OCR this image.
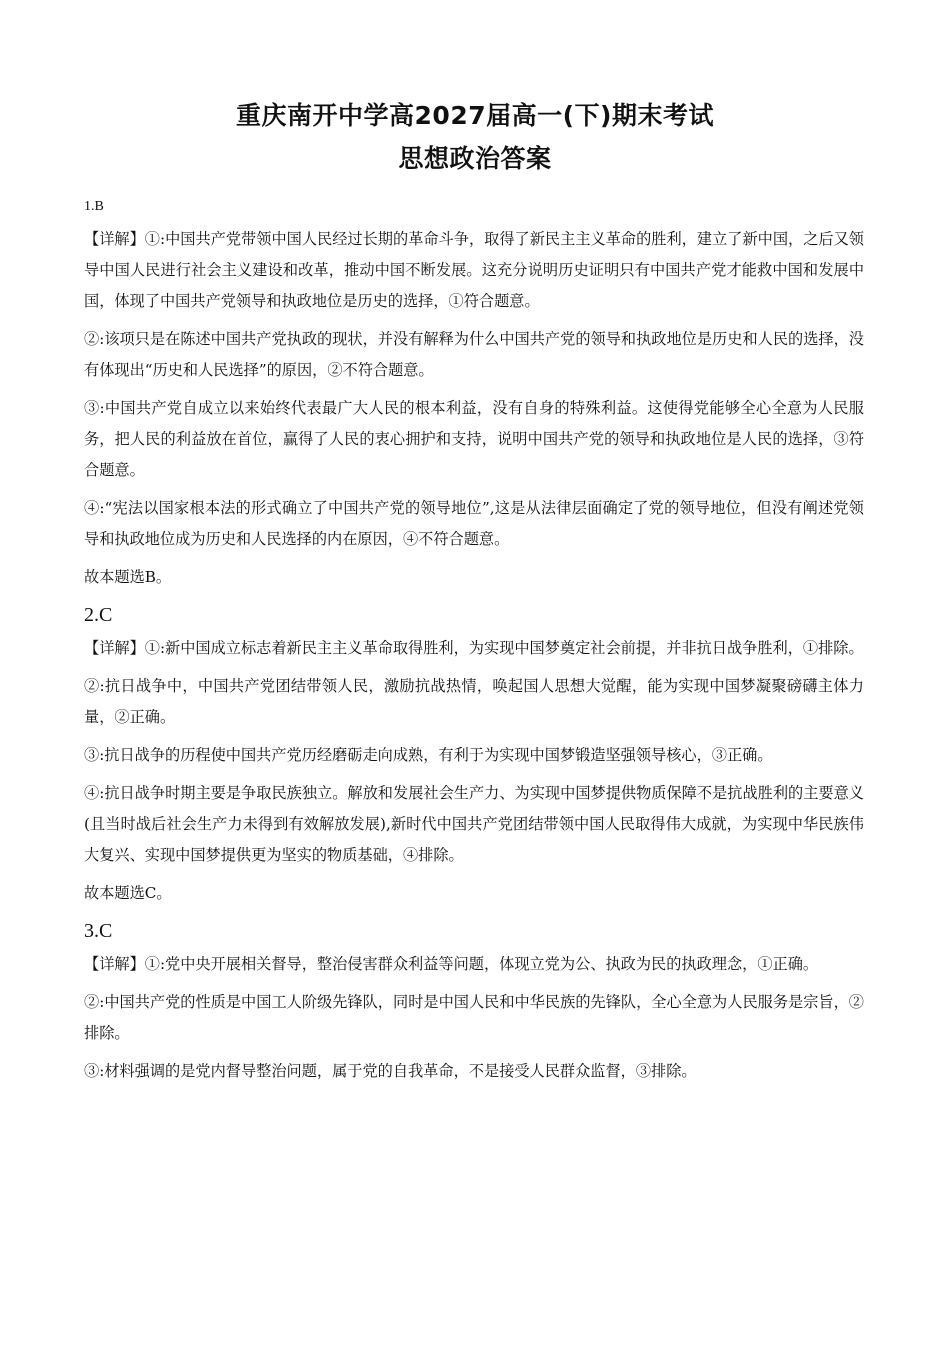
重庆南开中学高2027届高一(下)期末考试
思想政治答案
1.B

【详解】①:中国共产党带领中国人民经过长期的革命斗争，取得了新民主主义革命的胜利，建立了新中国，之后又领导中国人民进行社会主义建设和改革，推动中国不断发展。这充分说明历史证明只有中国共产党才能救中国和发展中国，体现了中国共产党领导和执政地位是历史的选择，①符合题意。

②:该项只是在陈述中国共产党执政的现状，并没有解释为什么中国共产党的领导和执政地位是历史和人民的选择，没有体现出“历史和人民选择”的原因，②不符合题意。

③:中国共产党自成立以来始终代表最广大人民的根本利益，没有自身的特殊利益。这使得党能够全心全意为人民服务，把人民的利益放在首位，赢得了人民的衷心拥护和支持，说明中国共产党的领导和执政地位是人民的选择，③符合题意。

④:“宪法以国家根本法的形式确立了中国共产党的领导地位”,这是从法律层面确定了党的领导地位，但没有阐述党领导和执政地位成为历史和人民选择的内在原因，④不符合题意。

故本题选B。

2.C

【详解】①:新中国成立标志着新民主主义革命取得胜利，为实现中国梦奠定社会前提，并非抗日战争胜利，①排除。

②:抗日战争中，中国共产党团结带领人民，激励抗战热情，唤起国人思想大觉醒，能为实现中国梦凝聚磅礴主体力量，②正确。

③:抗日战争的历程使中国共产党历经磨砺走向成熟，有利于为实现中国梦锻造坚强领导核心，③正确。

④:抗日战争时期主要是争取民族独立。解放和发展社会生产力、为实现中国梦提供物质保障不是抗战胜利的主要意义(且当时战后社会生产力未得到有效解放发展),新时代中国共产党团结带领中国人民取得伟大成就，为实现中华民族伟大复兴、实现中国梦提供更为坚实的物质基础，④排除。

故本题选C。

3.C

【详解】①:党中央开展相关督导，整治侵害群众利益等问题，体现立党为公、执政为民的执政理念，①正确。

②:中国共产党的性质是中国工人阶级先锋队，同时是中国人民和中华民族的先锋队，全心全意为人民服务是宗旨，②排除。

③:材料强调的是党内督导整治问题，属于党的自我革命，不是接受人民群众监督，③排除。
